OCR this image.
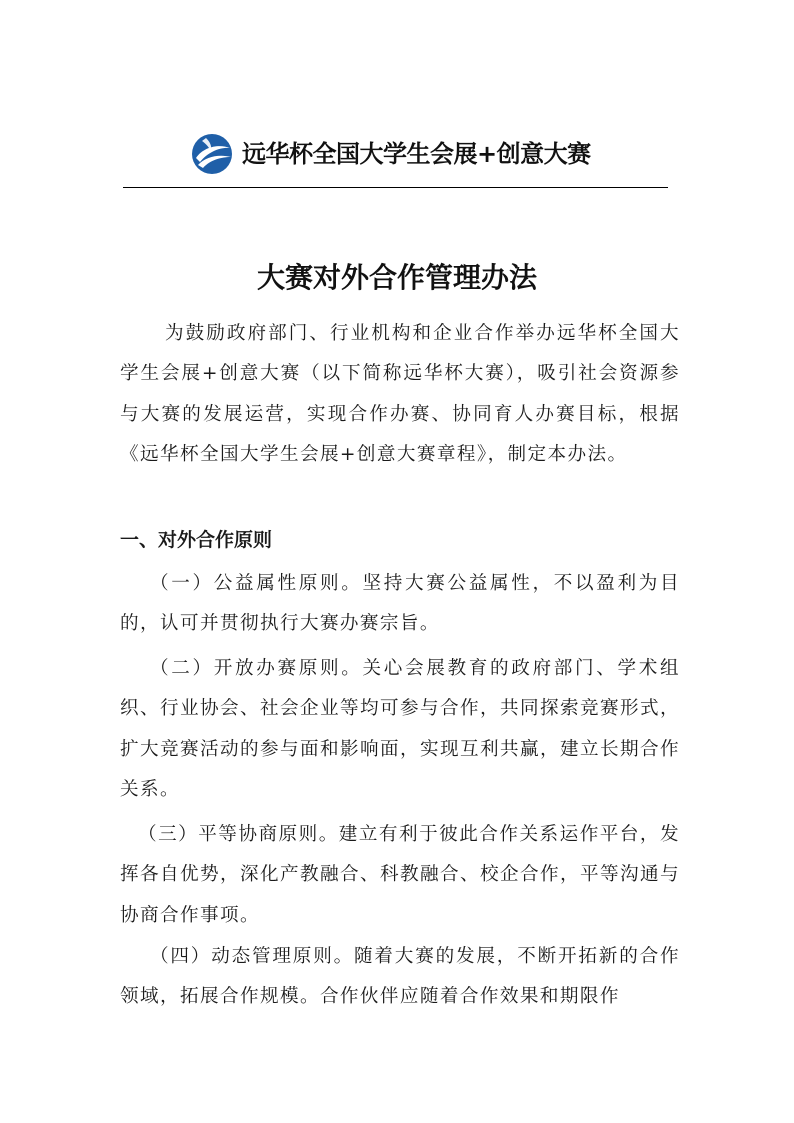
远华杯全国大学生会展+创意大赛
大赛对外合作管理办法

为鼓励政府部门、行业机构和企业合作举办远华杯全国大学生会展+创意大赛（以下简称远华杯大赛），吸引社会资源参与大赛的发展运营，实现合作办赛、协同育人办赛目标，根据《远华杯全国大学生会展+创意大赛章程》，制定本办法。

一、对外合作原则

（一）公益属性原则。坚持大赛公益属性，不以盈利为目的，认可并贯彻执行大赛办赛宗旨。

（二）开放办赛原则。关心会展教育的政府部门、学术组织、行业协会、社会企业等均可参与合作，共同探索竞赛形式，扩大竞赛活动的参与面和影响面，实现互利共赢，建立长期合作关系。

（三）平等协商原则。建立有利于彼此合作关系运作平台，发挥各自优势，深化产教融合、科教融合、校企合作，平等沟通与协商合作事项。

（四）动态管理原则。随着大赛的发展，不断开拓新的合作领域，拓展合作规模。合作伙伴应随着合作效果和期限作
